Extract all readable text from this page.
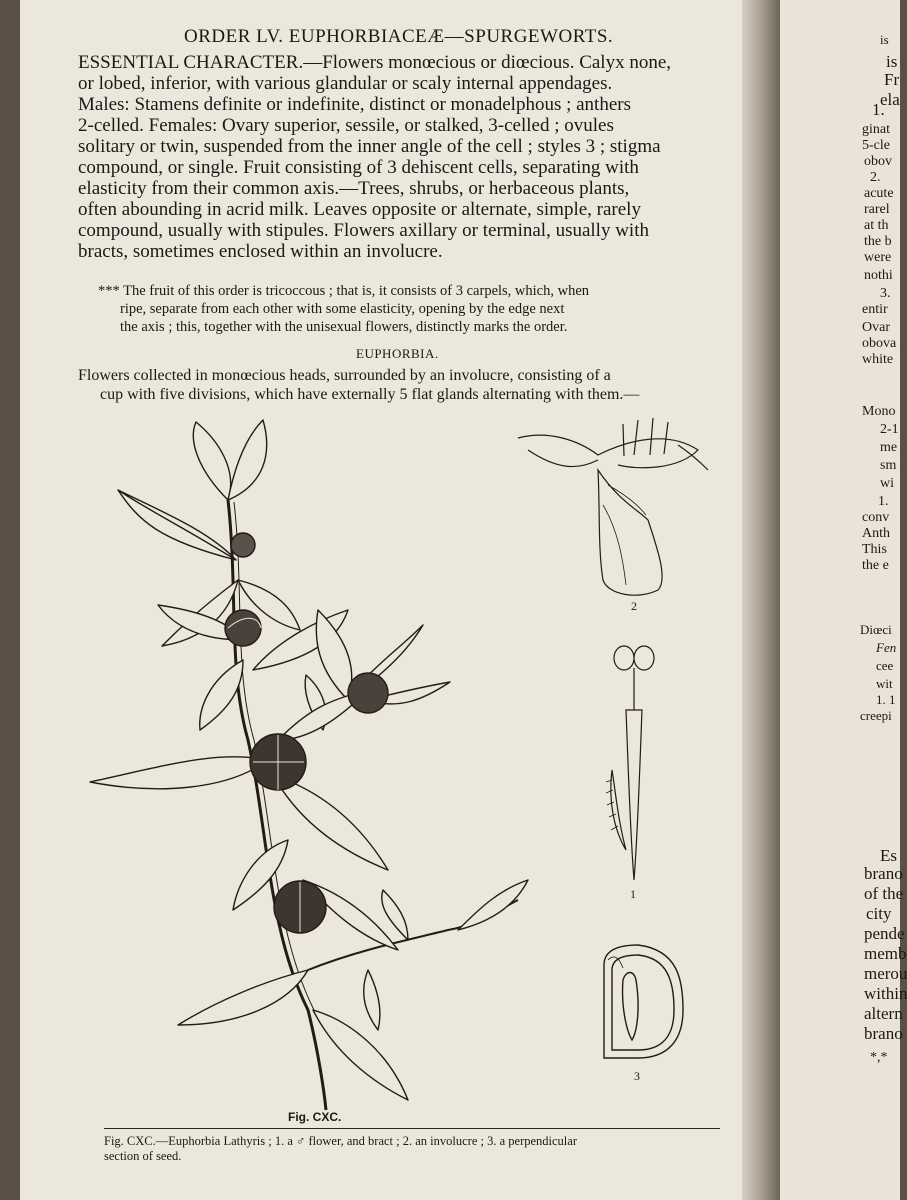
is
is
Fr
ela
1.
ginat
5-cle
obov
2.
acute
rarel
at th
the b
were
nothi
3.
entir
Ovar
obova
white
Mono
2-1
me
sm
wi
1.
conv
Anth
This
the e
Diœci
Fen
cee
wit
1. 1
creepi
Es
brano
of the
city
pende
memb
merou
within
altern
brano
*,*
ORDER LV. EUPHORBIACEÆ—SPURGEWORTS.
ESSENTIAL CHARACTER.—Flowers monœcious or diœcious. Calyx none,
or lobed, inferior, with various glandular or scaly internal appendages.
Males: Stamens definite or indefinite, distinct or monadelphous ; anthers
2-celled. Females: Ovary superior, sessile, or stalked, 3-celled ; ovules
solitary or twin, suspended from the inner angle of the cell ; styles 3 ; stigma
compound, or single. Fruit consisting of 3 dehiscent cells, separating with
elasticity from their common axis.—Trees, shrubs, or herbaceous plants,
often abounding in acrid milk. Leaves opposite or alternate, simple, rarely
compound, usually with stipules. Flowers axillary or terminal, usually with
bracts, sometimes enclosed within an involucre.
*** The fruit of this order is tricoccous ; that is, it consists of 3 carpels, which, when
ripe, separate from each other with some elasticity, opening by the edge next
the axis ; this, together with the unisexual flowers, distinctly marks the order.
EUPHORBIA.
Flowers collected in monœcious heads, surrounded by an involucre, consisting of a
cup with five divisions, which have externally 5 flat glands alternating with them.—
2
1
3
Fig. CXC.
Fig. CXC.—Euphorbia Lathyris ; 1. a ♂ flower, and bract ; 2. an involucre ; 3. a perpendicular
section of seed.
